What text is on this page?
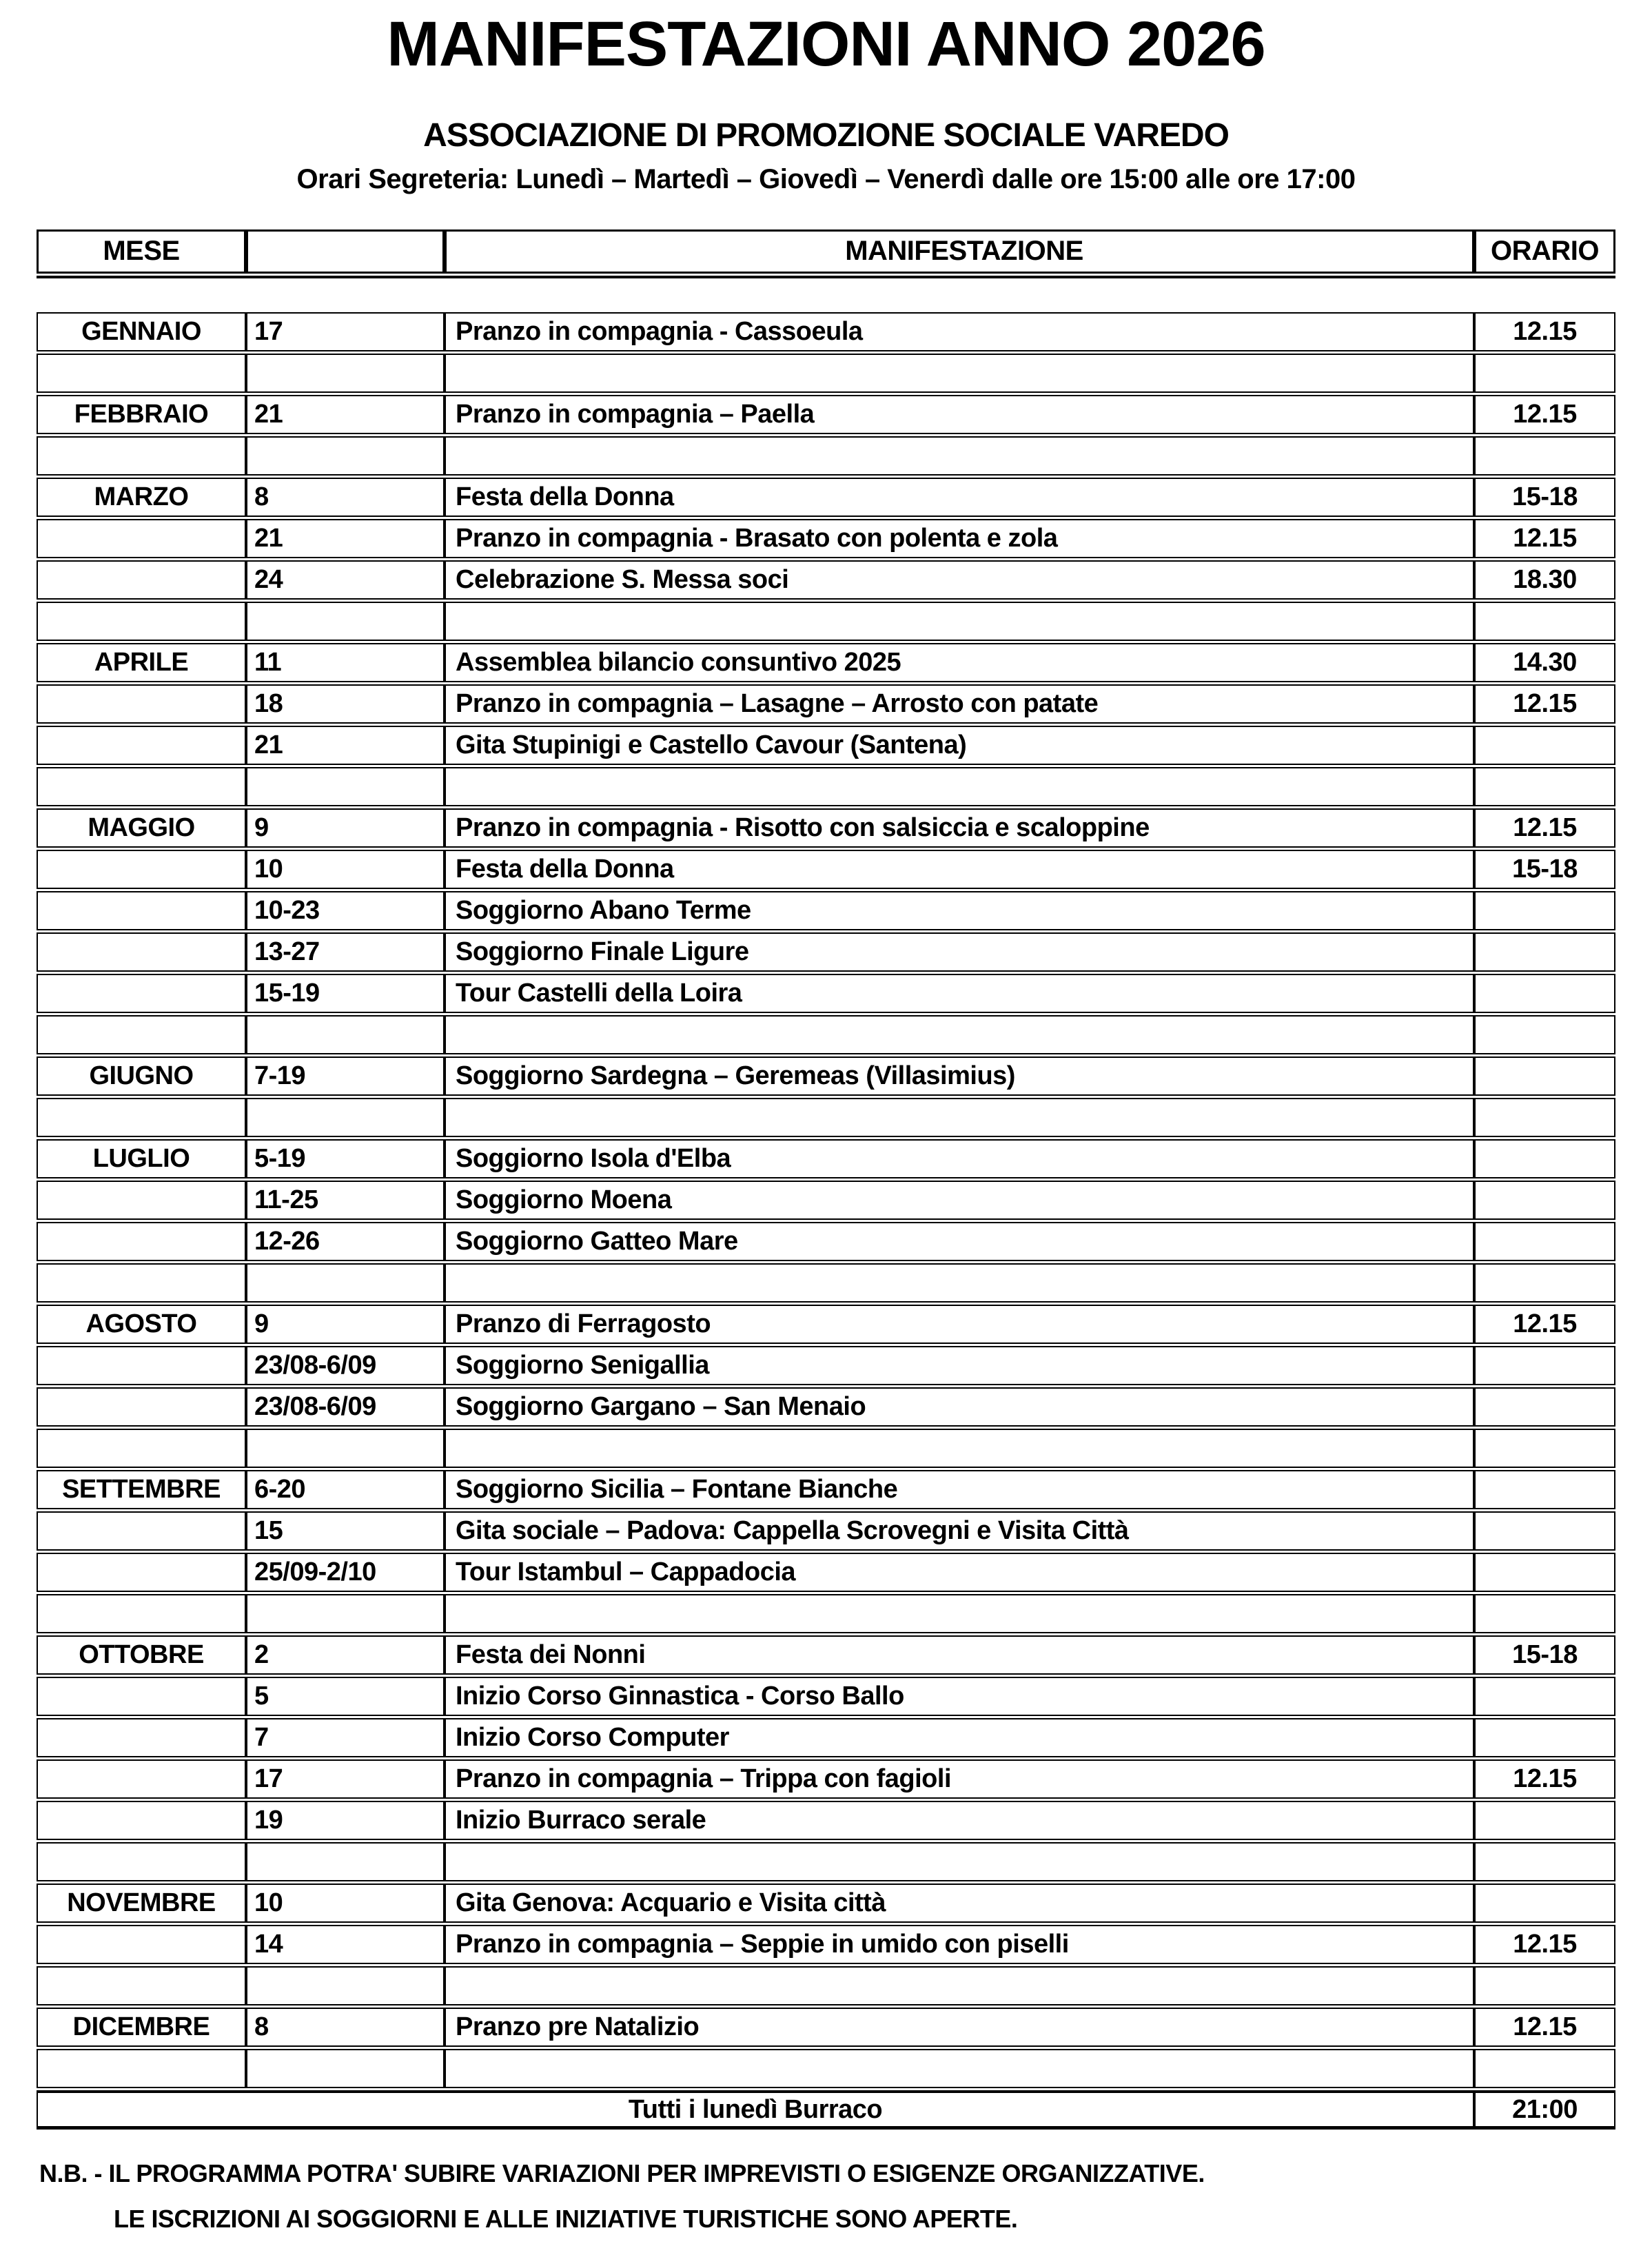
MANIFESTAZIONI ANNO 2026
ASSOCIAZIONE DI PROMOZIONE SOCIALE VAREDO
Orari Segreteria: Lunedì – Martedì – Giovedì – Venerdì dalle ore 15:00 alle ore 17:00
MESE		MANIFESTAZIONE	ORARIO
GENNAIO	17	Pranzo in compagnia - Cassoeula	12.15

FEBBRAIO	21	Pranzo in compagnia – Paella	12.15

MARZO	8	Festa della Donna	15-18
	21	Pranzo in compagnia - Brasato con polenta e zola	12.15
	24	Celebrazione S. Messa soci	18.30

APRILE	11	Assemblea bilancio consuntivo 2025	14.30
	18	Pranzo in compagnia – Lasagne – Arrosto con patate	12.15
	21	Gita Stupinigi e Castello Cavour (Santena)	

MAGGIO	9	Pranzo in compagnia - Risotto con salsiccia e scaloppine	12.15
	10	Festa della Donna	15-18
	10-23	Soggiorno Abano Terme	
	13-27	Soggiorno Finale Ligure	
	15-19	Tour Castelli della Loira	

GIUGNO	7-19	Soggiorno Sardegna – Geremeas (Villasimius)	

LUGLIO	5-19	Soggiorno Isola d'Elba	
	11-25	Soggiorno Moena	
	12-26	Soggiorno Gatteo Mare	

AGOSTO	9	Pranzo di Ferragosto	12.15
	23/08-6/09	Soggiorno Senigallia	
	23/08-6/09	Soggiorno Gargano – San Menaio	

SETTEMBRE	6-20	Soggiorno Sicilia – Fontane Bianche	
	15	Gita sociale – Padova: Cappella Scrovegni e Visita Città	
	25/09-2/10	Tour Istambul – Cappadocia	

OTTOBRE	2	Festa dei Nonni	15-18
	5	Inizio Corso Ginnastica - Corso Ballo	
	7	Inizio Corso Computer	
	17	Pranzo in compagnia – Trippa con fagioli	12.15
	19	Inizio Burraco serale	

NOVEMBRE	10	Gita Genova: Acquario e Visita città	
	14	Pranzo in compagnia – Seppie in umido con piselli	12.15

DICEMBRE	8	Pranzo pre Natalizio	12.15

Tutti i lunedì Burraco			21:00
N.B. - IL PROGRAMMA POTRA' SUBIRE VARIAZIONI PER IMPREVISTI O ESIGENZE ORGANIZZATIVE.
LE ISCRIZIONI AI SOGGIORNI E ALLE INIZIATIVE TURISTICHE SONO APERTE.
